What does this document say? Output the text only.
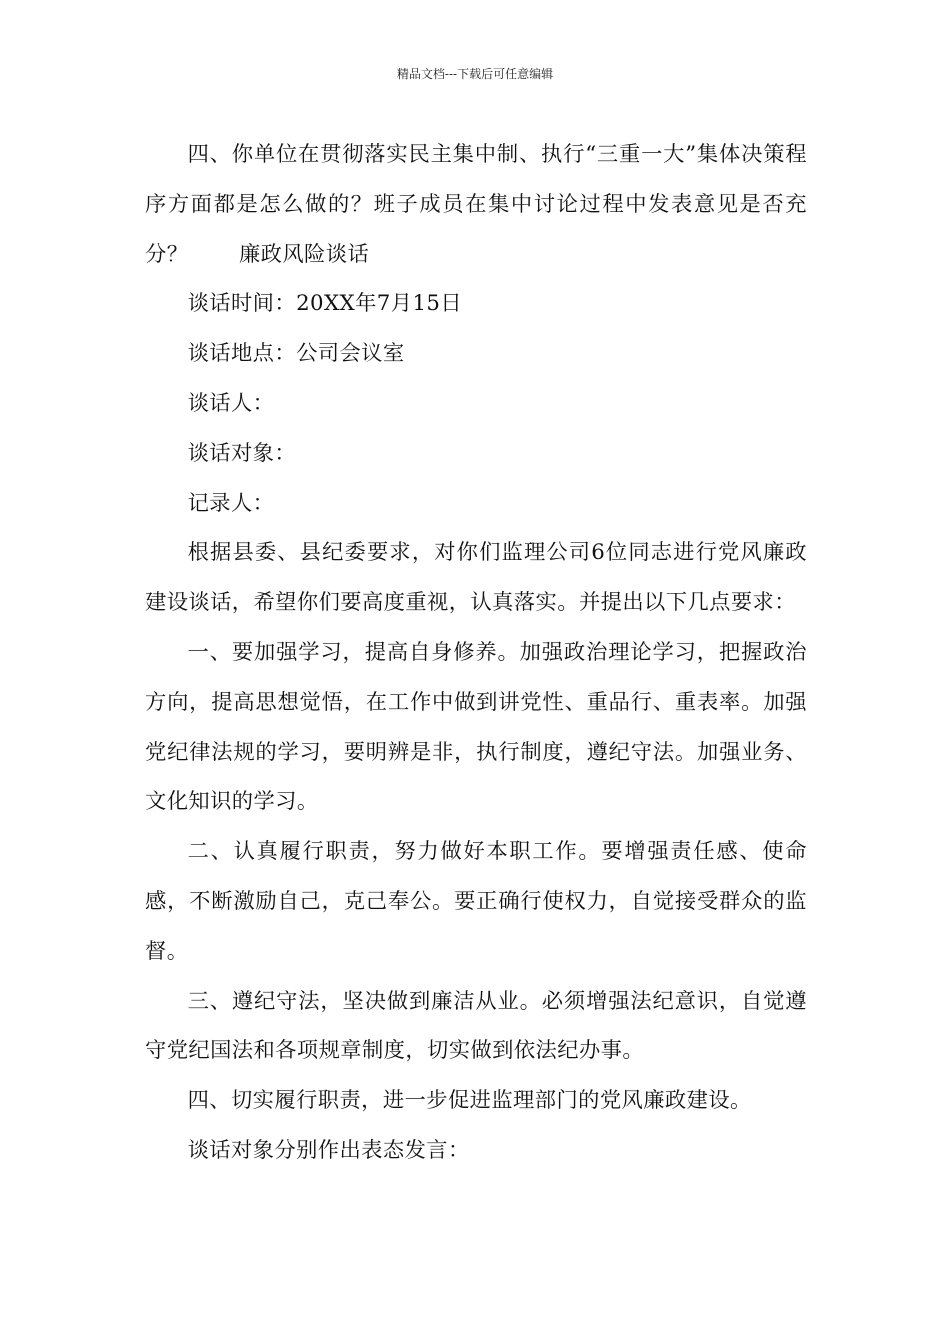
精品文档---下载后可任意编辑

四、你单位在贯彻落实民主集中制、执行“三重一大”集体决策程序方面都是怎么做的？班子成员在集中讨论过程中发表意见是否充分？　　 廉政风险谈话

谈话时间：20XX年7月15日

谈话地点：公司会议室

谈话人：

谈话对象：

记录人：

根据县委、县纪委要求，对你们监理公司6位同志进行党风廉政建设谈话，希望你们要高度重视，认真落实。并提出以下几点要求：

一、要加强学习，提高自身修养。加强政治理论学习，把握政治方向，提高思想觉悟，在工作中做到讲党性、重品行、重表率。加强党纪律法规的学习，要明辨是非，执行制度，遵纪守法。加强业务、文化知识的学习。

二、认真履行职责，努力做好本职工作。要增强责任感、使命感，不断激励自己，克己奉公。要正确行使权力，自觉接受群众的监督。

三、遵纪守法，坚决做到廉洁从业。必须增强法纪意识，自觉遵守党纪国法和各项规章制度，切实做到依法纪办事。

四、切实履行职责，进一步促进监理部门的党风廉政建设。

谈话对象分别作出表态发言：
